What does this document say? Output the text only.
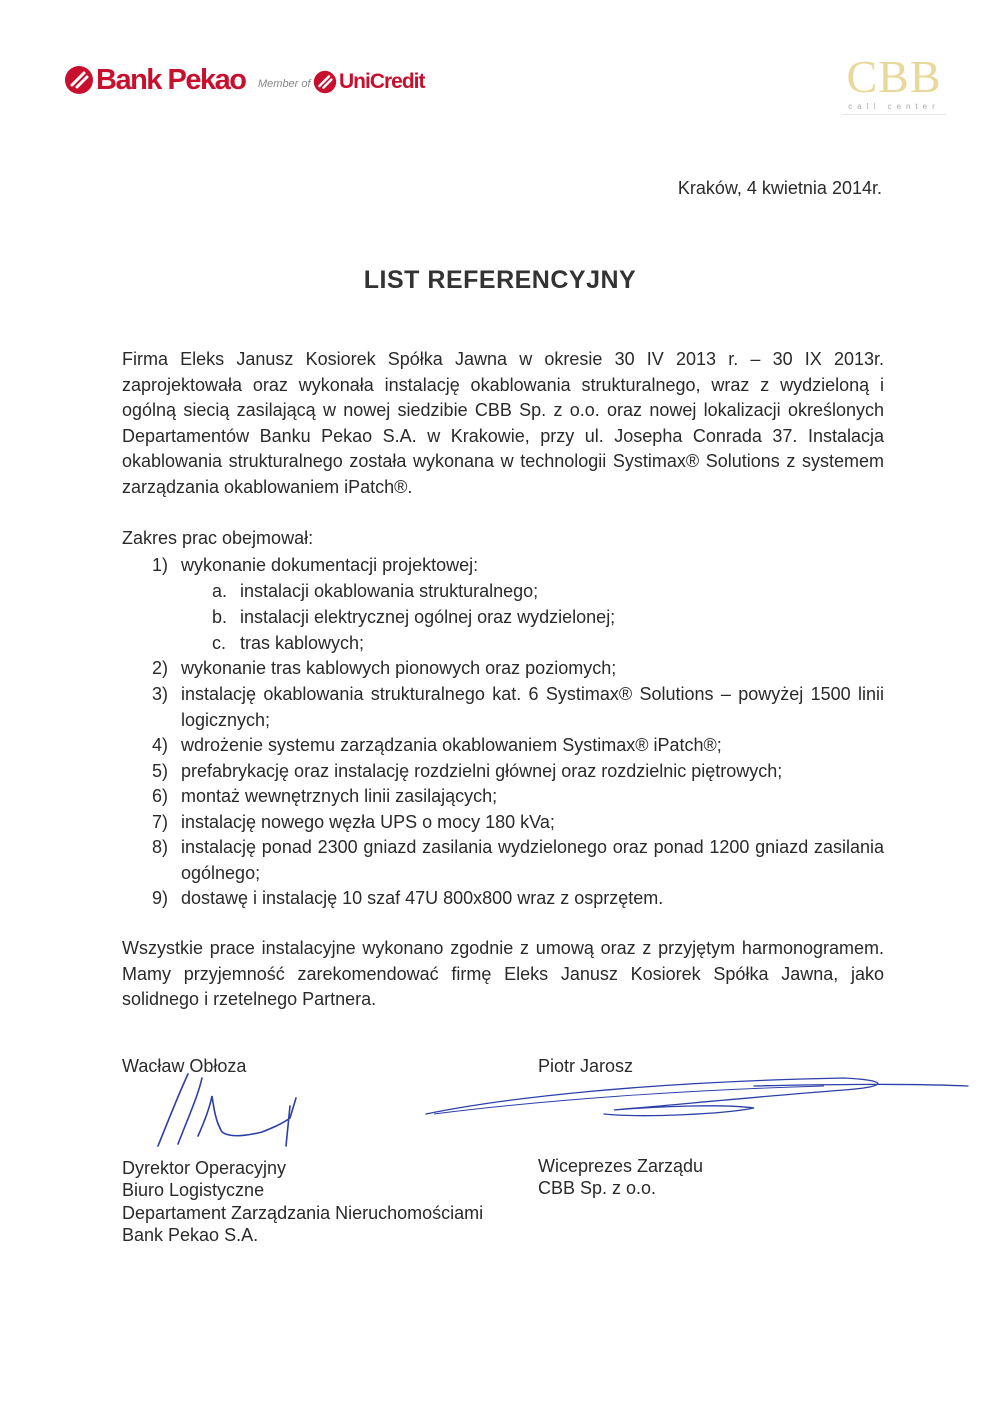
Bank Pekao Member of UniCredit	CBB
call center
Kraków, 4 kwietnia 2014r.
LIST REFERENCYJNY
Firma Eleks Janusz Kosiorek Spółka Jawna w okresie 30 IV 2013 r. – 30 IX 2013r. zaprojektowała oraz wykonała instalację okablowania strukturalnego, wraz z wydzieloną i ogólną siecią zasilającą w nowej siedzibie CBB Sp. z o.o. oraz nowej lokalizacji określonych Departamentów Banku Pekao S.A. w Krakowie, przy ul. Josepha Conrada 37. Instalacja okablowania strukturalnego została wykonana w technologii Systimax® Solutions z systemem zarządzania okablowaniem iPatch®.
Zakres prac obejmował:
1) wykonanie dokumentacji projektowej:
a. instalacji okablowania strukturalnego;
b. instalacji elektrycznej ogólnej oraz wydzielonej;
c. tras kablowych;
2) wykonanie tras kablowych pionowych oraz poziomych;
3) instalację okablowania strukturalnego kat. 6 Systimax® Solutions – powyżej 1500 linii logicznych;
4) wdrożenie systemu zarządzania okablowaniem Systimax® iPatch®;
5) prefabrykację oraz instalację rozdzielni głównej oraz rozdzielnic piętrowych;
6) montaż wewnętrznych linii zasilających;
7) instalację nowego węzła UPS o mocy 180 kVa;
8) instalację ponad 2300 gniazd zasilania wydzielonego oraz ponad 1200 gniazd zasilania ogólnego;
9) dostawę i instalację 10 szaf 47U 800x800 wraz z osprzętem.
Wszystkie prace instalacyjne wykonano zgodnie z umową oraz z przyjętym harmonogramem. Mamy przyjemność zarekomendować firmę Eleks Janusz Kosiorek Spółka Jawna, jako solidnego i rzetelnego Partnera.
Wacław Obłoza
Dyrektor Operacyjny
Biuro Logistyczne
Departament Zarządzania Nieruchomościami
Bank Pekao S.A.
Piotr Jarosz
Wiceprezes Zarządu
CBB Sp. z o.o.
